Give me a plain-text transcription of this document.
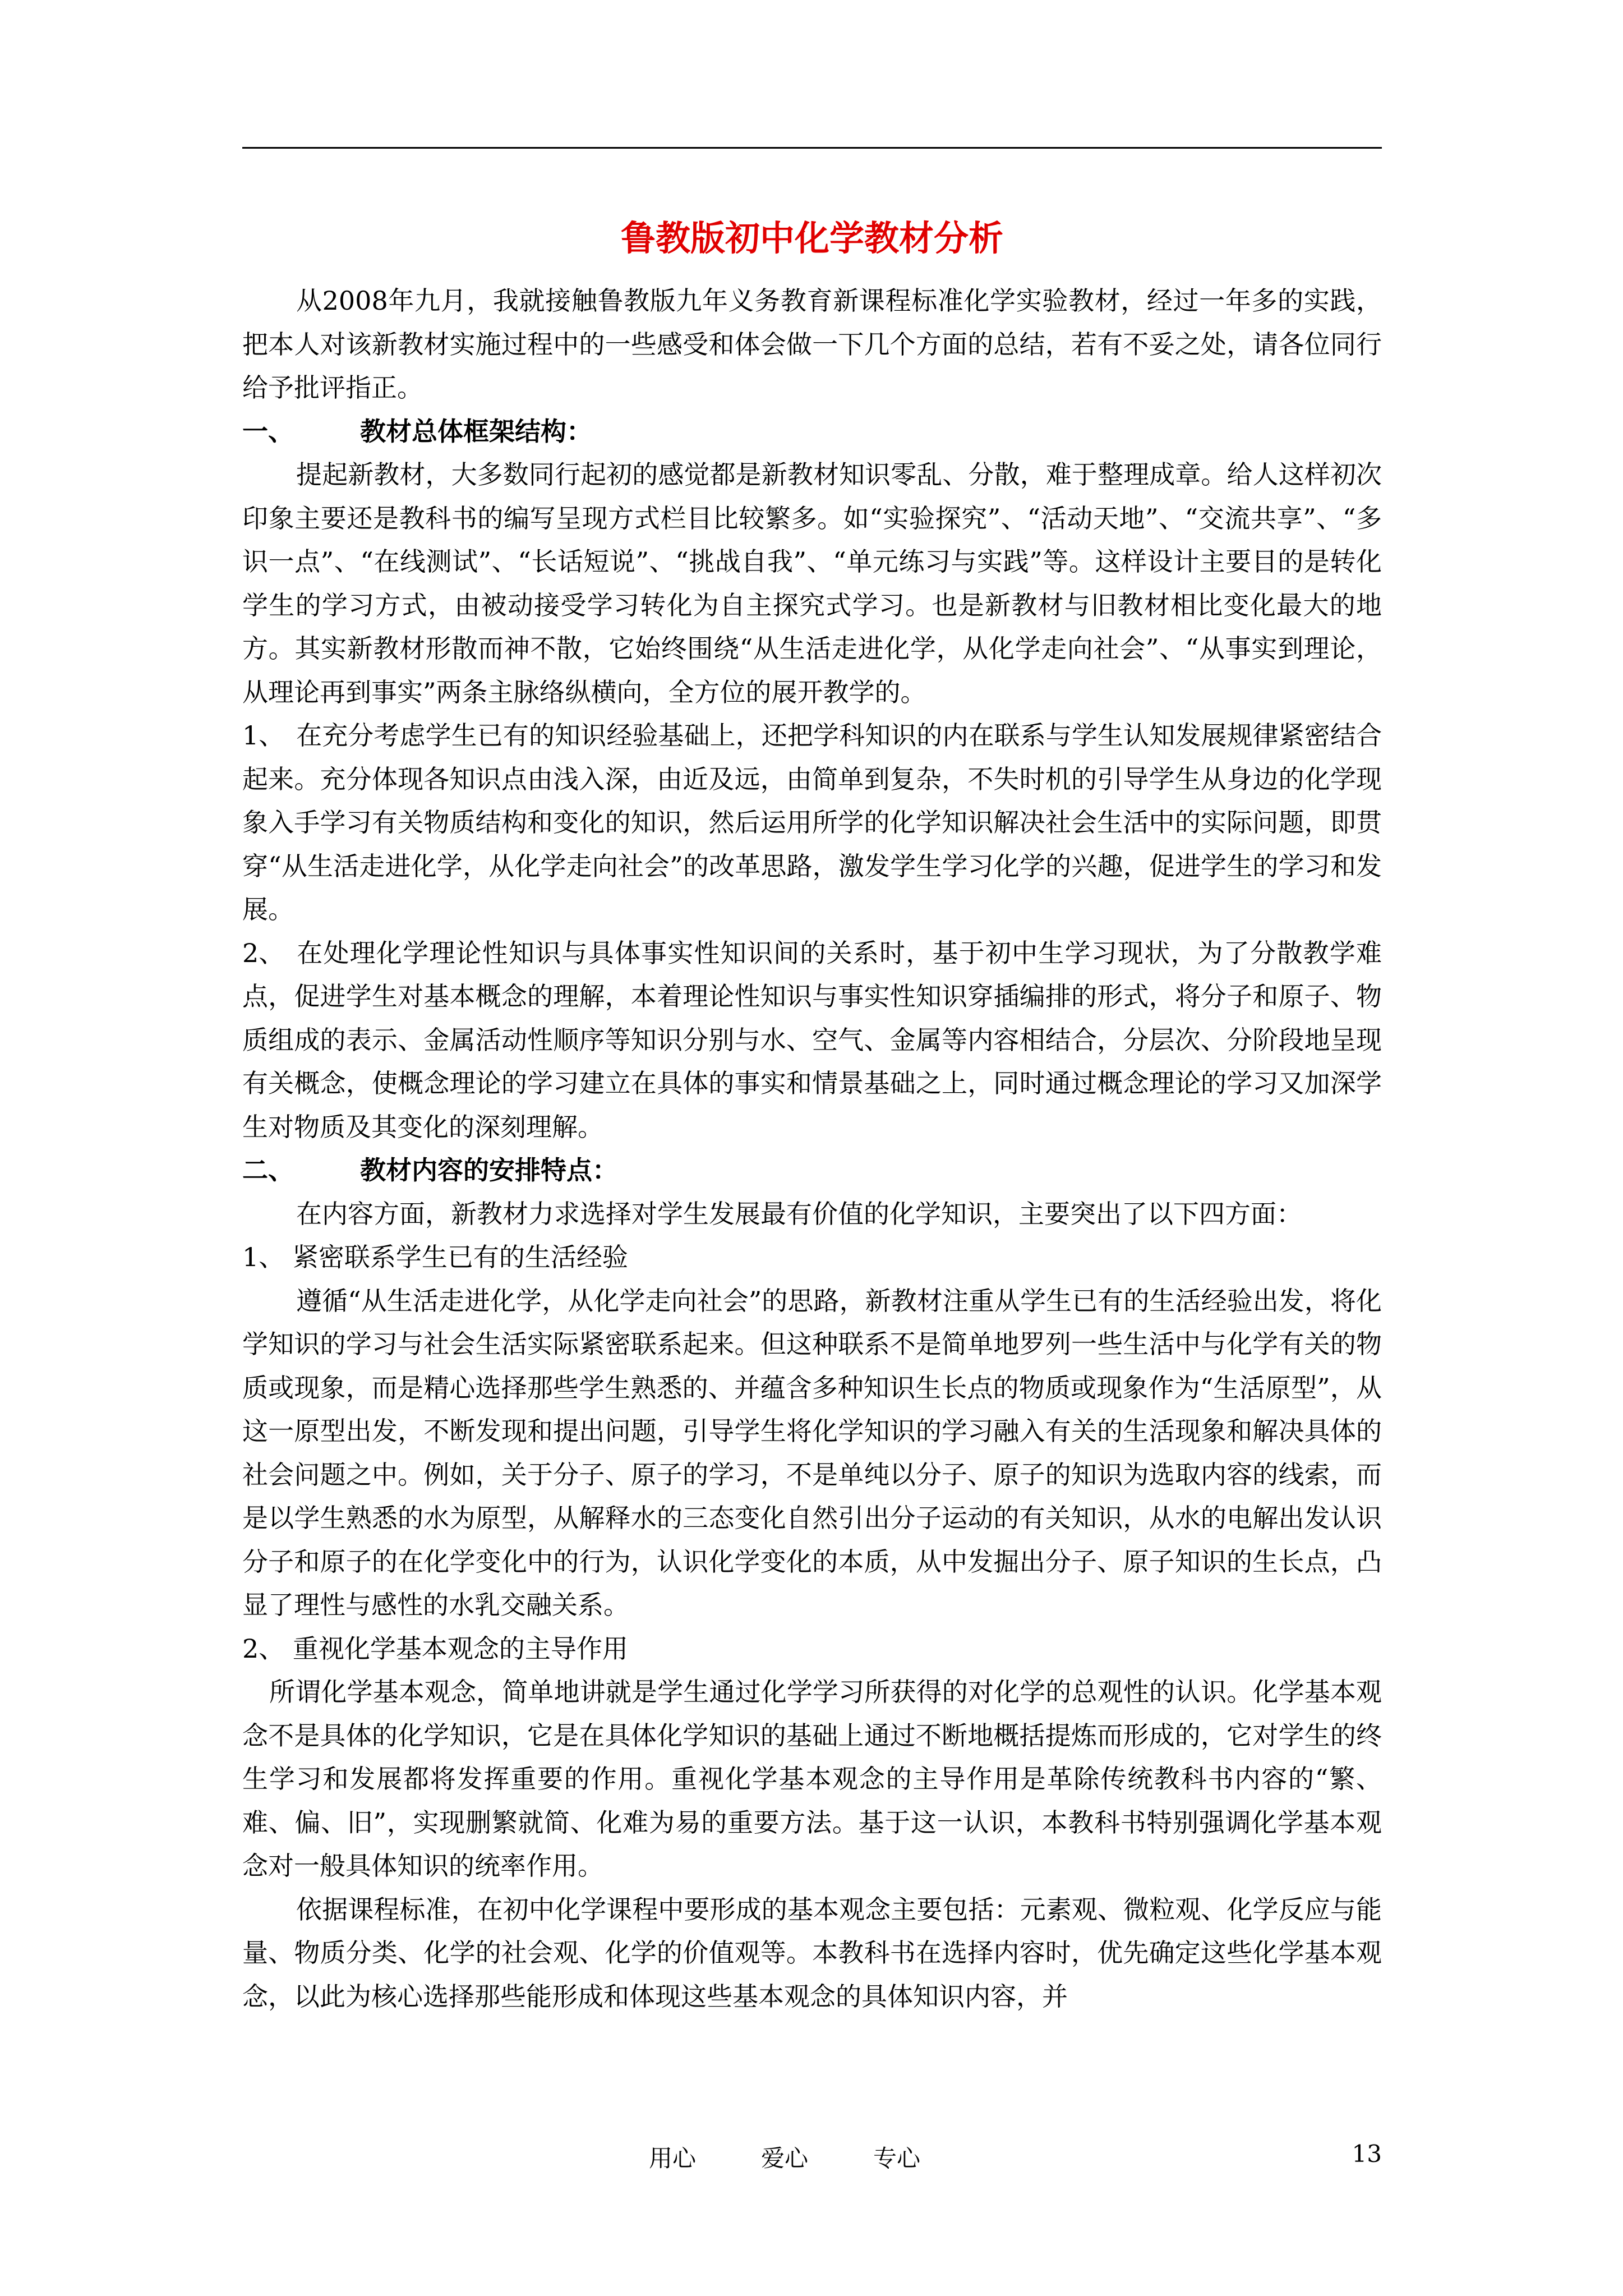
鲁教版初中化学教材分析

从2008年九月，我就接触鲁教版九年义务教育新课程标准化学实验教材，经过一年多的实践，把本人对该新教材实施过程中的一些感受和体会做一下几个方面的总结，若有不妥之处，请各位同行给予批评指正。

一、	教材总体框架结构：

提起新教材，大多数同行起初的感觉都是新教材知识零乱、分散，难于整理成章。给人这样初次印象主要还是教科书的编写呈现方式栏目比较繁多。如“实验探究”、“活动天地”、“交流共享”、“多识一点”、“在线测试”、“长话短说”、“挑战自我”、“单元练习与实践”等。这样设计主要目的是转化学生的学习方式，由被动接受学习转化为自主探究式学习。也是新教材与旧教材相比变化最大的地方。其实新教材形散而神不散，它始终围绕“从生活走进化学，从化学走向社会”、“从事实到理论，从理论再到事实”两条主脉络纵横向，全方位的展开教学的。

1、 在充分考虑学生已有的知识经验基础上，还把学科知识的内在联系与学生认知发展规律紧密结合起来。充分体现各知识点由浅入深，由近及远，由简单到复杂，不失时机的引导学生从身边的化学现象入手学习有关物质结构和变化的知识，然后运用所学的化学知识解决社会生活中的实际问题，即贯穿“从生活走进化学，从化学走向社会”的改革思路，激发学生学习化学的兴趣，促进学生的学习和发展。

2、 在处理化学理论性知识与具体事实性知识间的关系时，基于初中生学习现状，为了分散教学难点，促进学生对基本概念的理解，本着理论性知识与事实性知识穿插编排的形式，将分子和原子、物质组成的表示、金属活动性顺序等知识分别与水、空气、金属等内容相结合，分层次、分阶段地呈现有关概念，使概念理论的学习建立在具体的事实和情景基础之上，同时通过概念理论的学习又加深学生对物质及其变化的深刻理解。

二、	教材内容的安排特点：

在内容方面，新教材力求选择对学生发展最有价值的化学知识，主要突出了以下四方面：

1、 紧密联系学生已有的生活经验

遵循“从生活走进化学，从化学走向社会”的思路，新教材注重从学生已有的生活经验出发，将化学知识的学习与社会生活实际紧密联系起来。但这种联系不是简单地罗列一些生活中与化学有关的物质或现象，而是精心选择那些学生熟悉的、并蕴含多种知识生长点的物质或现象作为“生活原型”，从这一原型出发，不断发现和提出问题，引导学生将化学知识的学习融入有关的生活现象和解决具体的社会问题之中。例如，关于分子、原子的学习，不是单纯以分子、原子的知识为选取内容的线索，而是以学生熟悉的水为原型，从解释水的三态变化自然引出分子运动的有关知识，从水的电解出发认识分子和原子的在化学变化中的行为，认识化学变化的本质，从中发掘出分子、原子知识的生长点，凸显了理性与感性的水乳交融关系。

2、 重视化学基本观念的主导作用

所谓化学基本观念，简单地讲就是学生通过化学学习所获得的对化学的总观性的认识。化学基本观念不是具体的化学知识，它是在具体化学知识的基础上通过不断地概括提炼而形成的，它对学生的终生学习和发展都将发挥重要的作用。重视化学基本观念的主导作用是革除传统教科书内容的“繁、难、偏、旧”，实现删繁就简、化难为易的重要方法。基于这一认识，本教科书特别强调化学基本观念对一般具体知识的统率作用。

依据课程标准，在初中化学课程中要形成的基本观念主要包括：元素观、微粒观、化学反应与能量、物质分类、化学的社会观、化学的价值观等。本教科书在选择内容时，优先确定这些化学基本观念，以此为核心选择那些能形成和体现这些基本观念的具体知识内容，并

用心	爱心	专心	13
